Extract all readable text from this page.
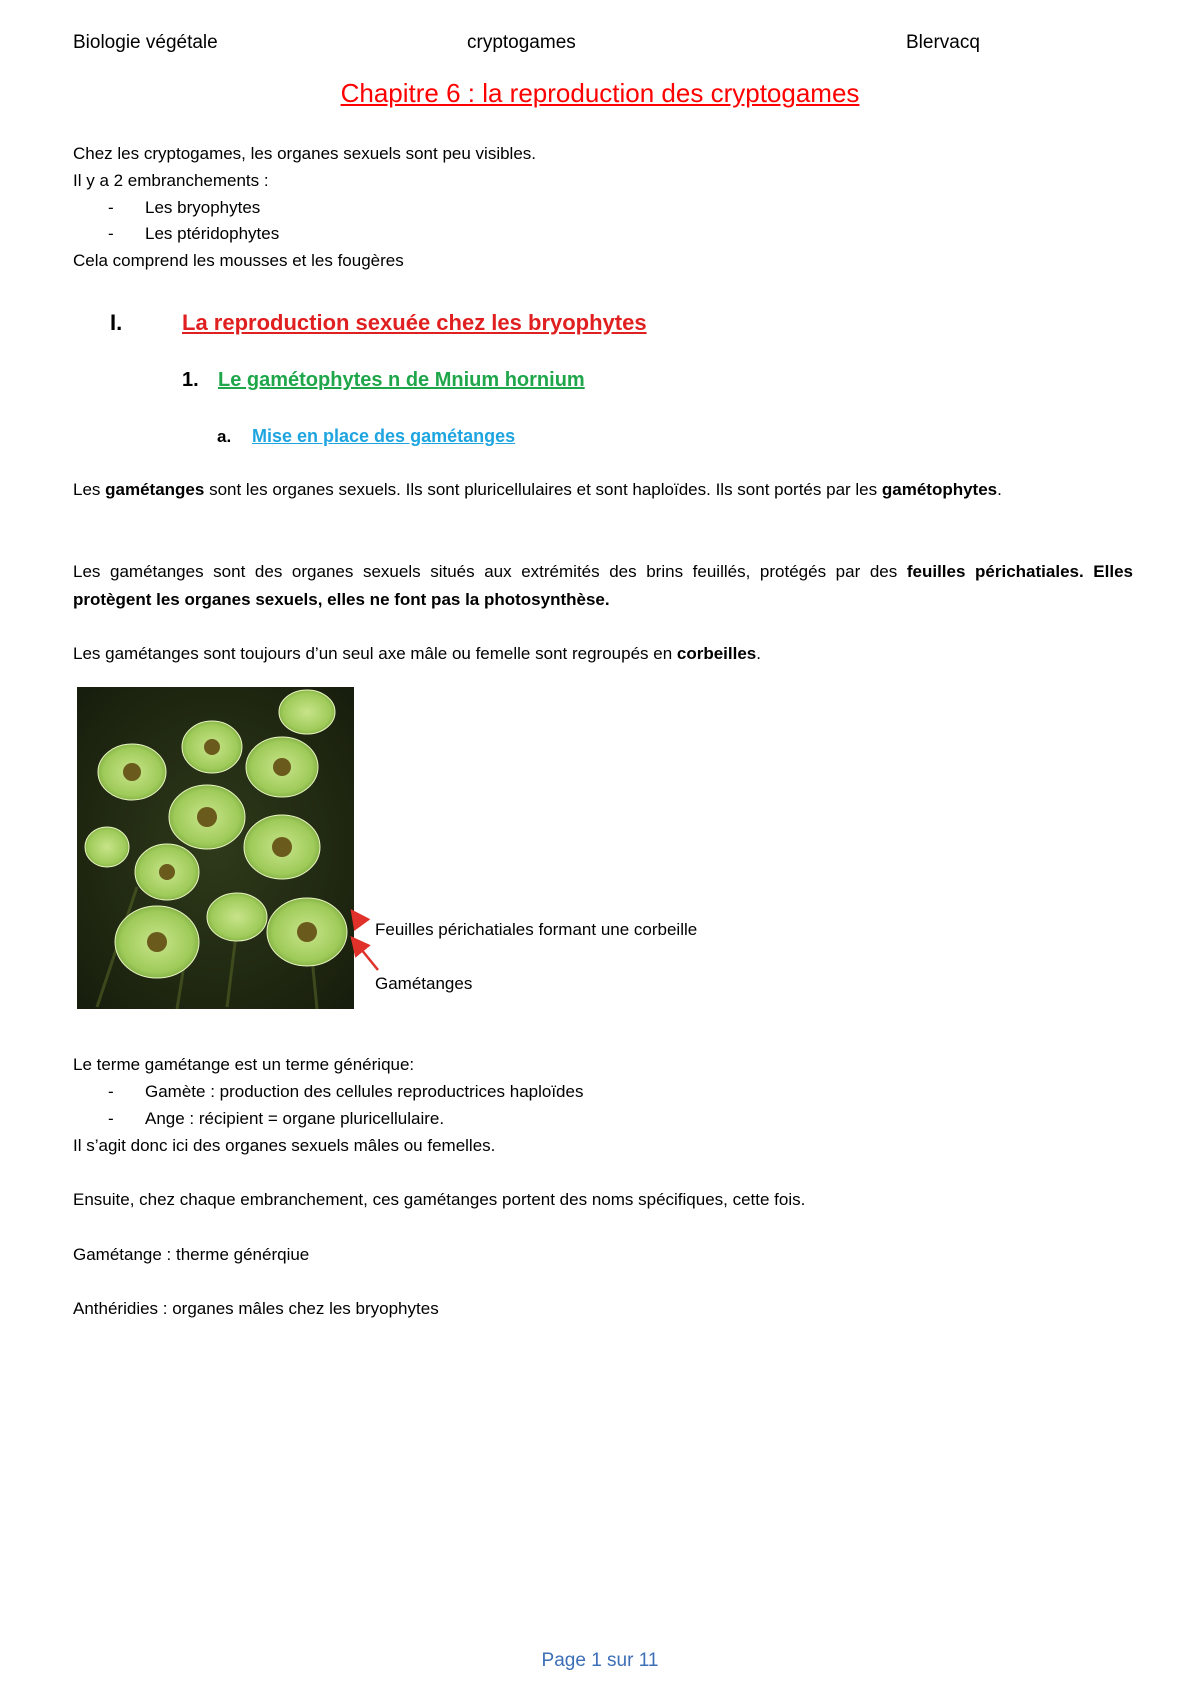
Biologie végétale	cryptogames	Blervacq
Chapitre 6 : la reproduction des cryptogames
Chez les cryptogames, les organes sexuels sont peu visibles.
Il y a 2 embranchements :
- Les bryophytes
- Les ptéridophytes
Cela comprend les mousses et les fougères
I.	La reproduction sexuée chez les bryophytes
1. Le gamétophytes n de Mnium hornium
a. Mise en place des gamétanges
Les gamétanges sont les organes sexuels. Ils sont pluricellulaires et sont haploïdes. Ils sont portés par les gamétophytes.
Les gamétanges sont des organes sexuels situés aux extrémités des brins feuillés, protégés par des feuilles périchatiales. Elles protègent les organes sexuels, elles ne font pas la photosynthèse.
Les gamétanges sont toujours d’un seul axe mâle ou femelle sont regroupés en corbeilles.
Feuilles périchatiales formant une corbeille
Gamétanges
Le terme gamétange est un terme générique:
- Gamète : production des cellules reproductrices haploïdes
- Ange : récipient = organe pluricellulaire.
Il s’agit donc ici des organes sexuels mâles ou femelles.
Ensuite, chez chaque embranchement, ces gamétanges portent des noms spécifiques, cette fois.
Gamétange : therme générqiue
Anthéridies : organes mâles chez les bryophytes
Page 1 sur 11
